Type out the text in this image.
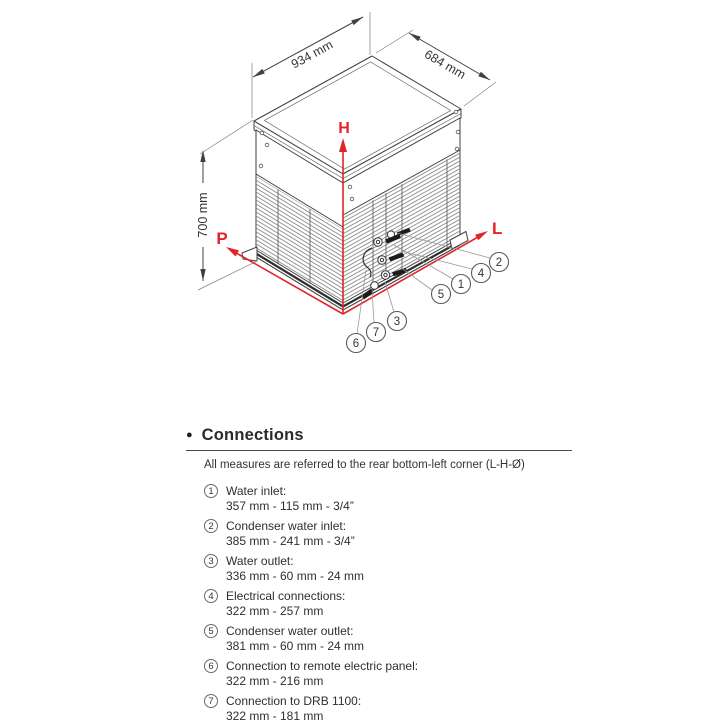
934 mm	684 mm
700 mm
H
L
P
1
2
3
4
5
6
7
● Connections

All measures are referred to the rear bottom-left corner (L-H-Ø)

1	Water inlet:
357 mm - 115 mm - 3/4”
2	Condenser water inlet:
385 mm - 241 mm - 3/4”
3	Water outlet:
336 mm - 60 mm - 24 mm
4	Electrical connections:
322 mm - 257 mm
5	Condenser water outlet:
381 mm - 60 mm - 24 mm
6	Connection to remote electric panel:
322 mm - 216 mm
7	Connection to DRB 1100:
322 mm - 181 mm
